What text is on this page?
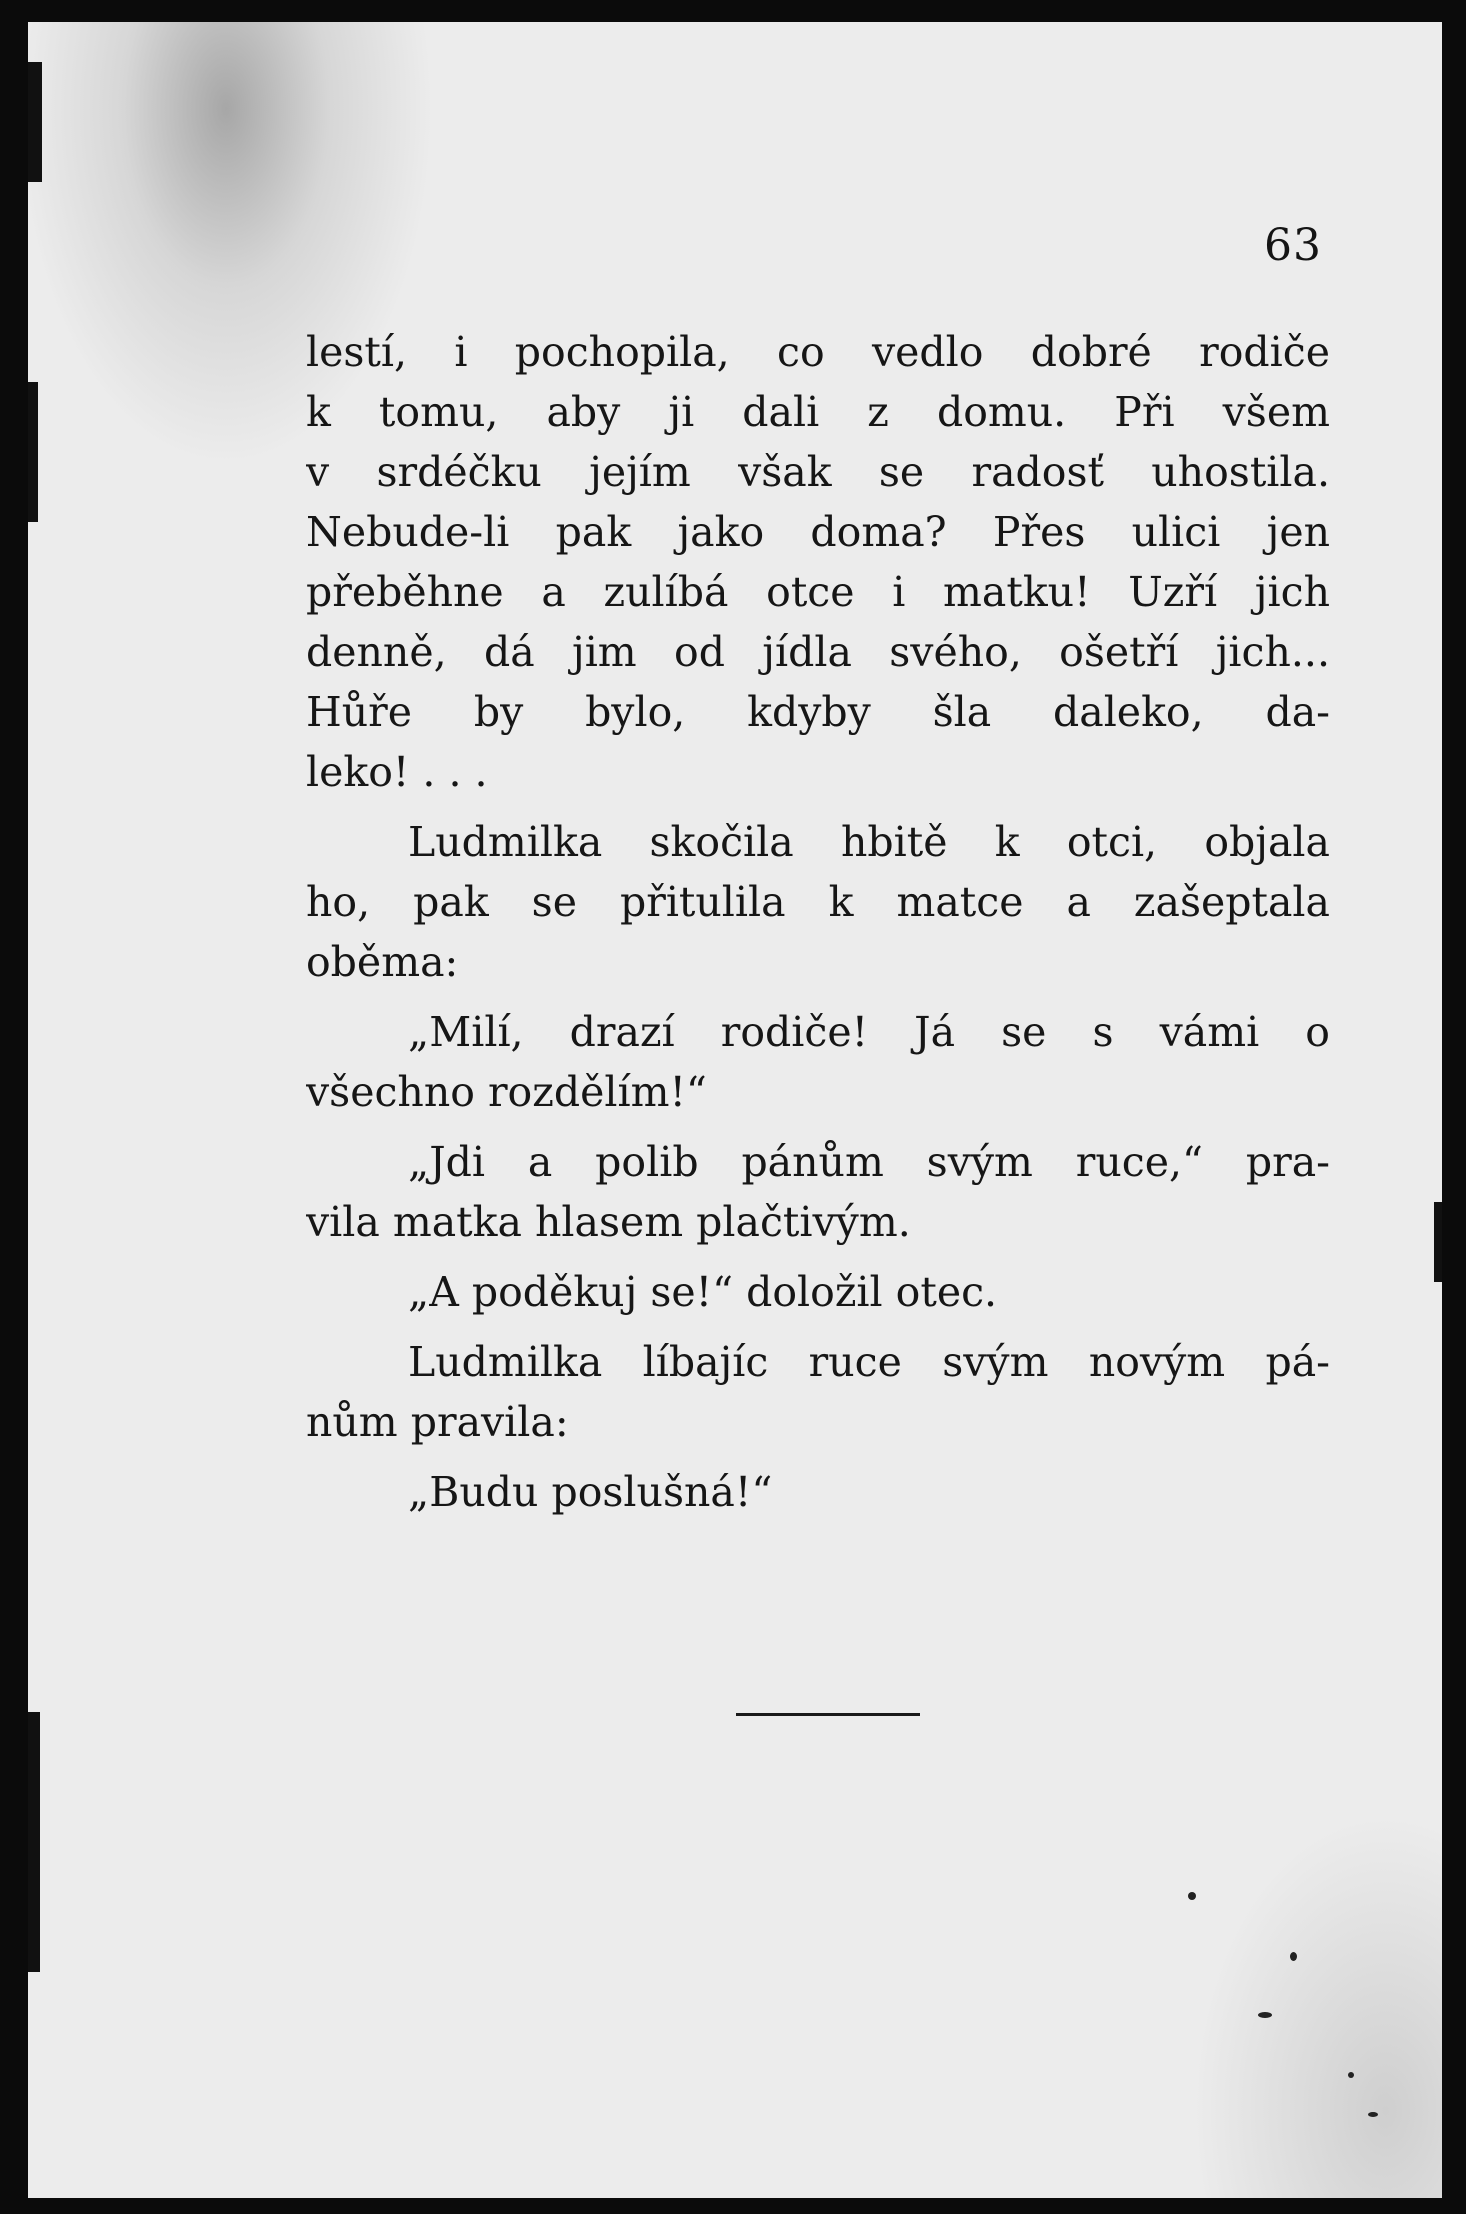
63
lestí, i pochopila, co vedlo dobré rodiče
k tomu, aby ji dali z domu. Při všem
v srdéčku jejím však se radosť uhostila.
Nebude-li pak jako doma? Přes ulici jen
přeběhne a zulíbá otce i matku! Uzří jich
denně, dá jim od jídla svého, ošetří jich...
Hůře by bylo, kdyby šla daleko, da-
leko! . . .
Ludmilka skočila hbitě k otci, objala
ho, pak se přitulila k matce a zašeptala
oběma:
„Milí, drazí rodiče! Já se s vámi o
všechno rozdělím!“
„Jdi a polib pánům svým ruce,“ pra-
vila matka hlasem plačtivým.
„A poděkuj se!“ doložil otec.
Ludmilka líbajíc ruce svým novým pá-
nům pravila:
„Budu poslušná!“
